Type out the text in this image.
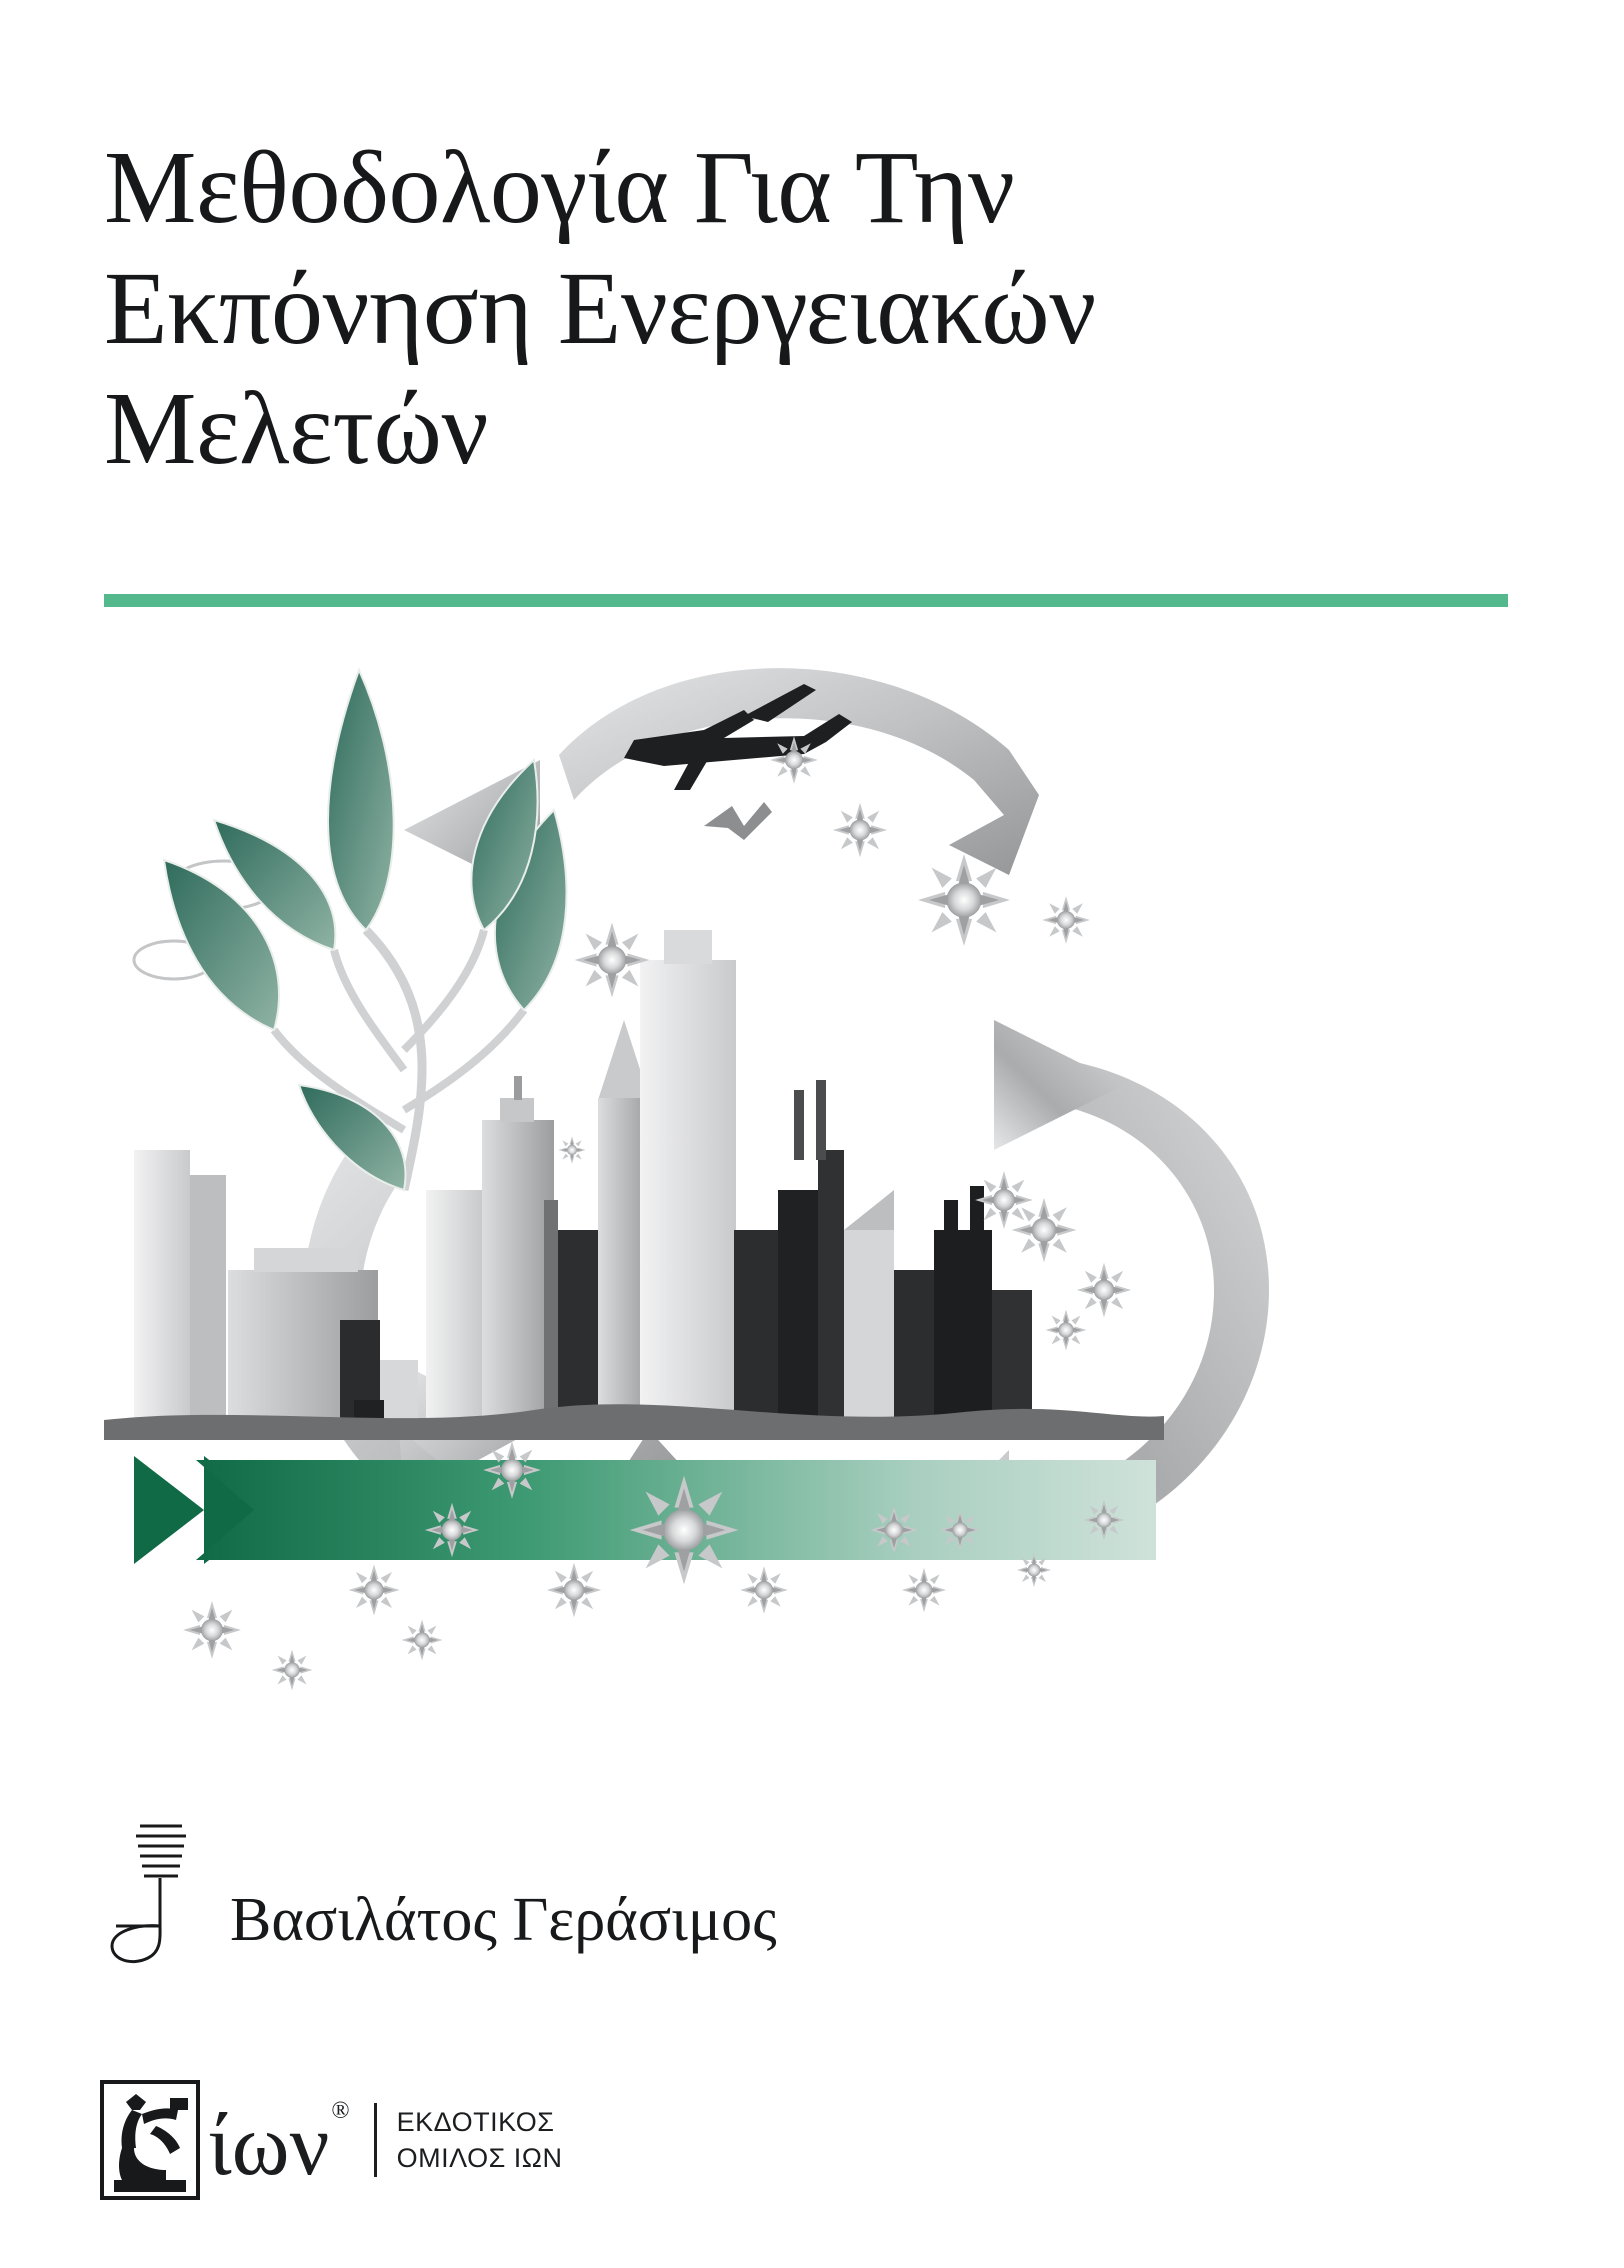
Μεθοδολογία Για Την
Εκπόνηση Ενεργειακών
Μελετών
Βασιλάτος Γεράσιμος
ίων® ΕΚΔΟΤΙΚΟΣ
ΟΜΙΛΟΣ ΙΩΝ
